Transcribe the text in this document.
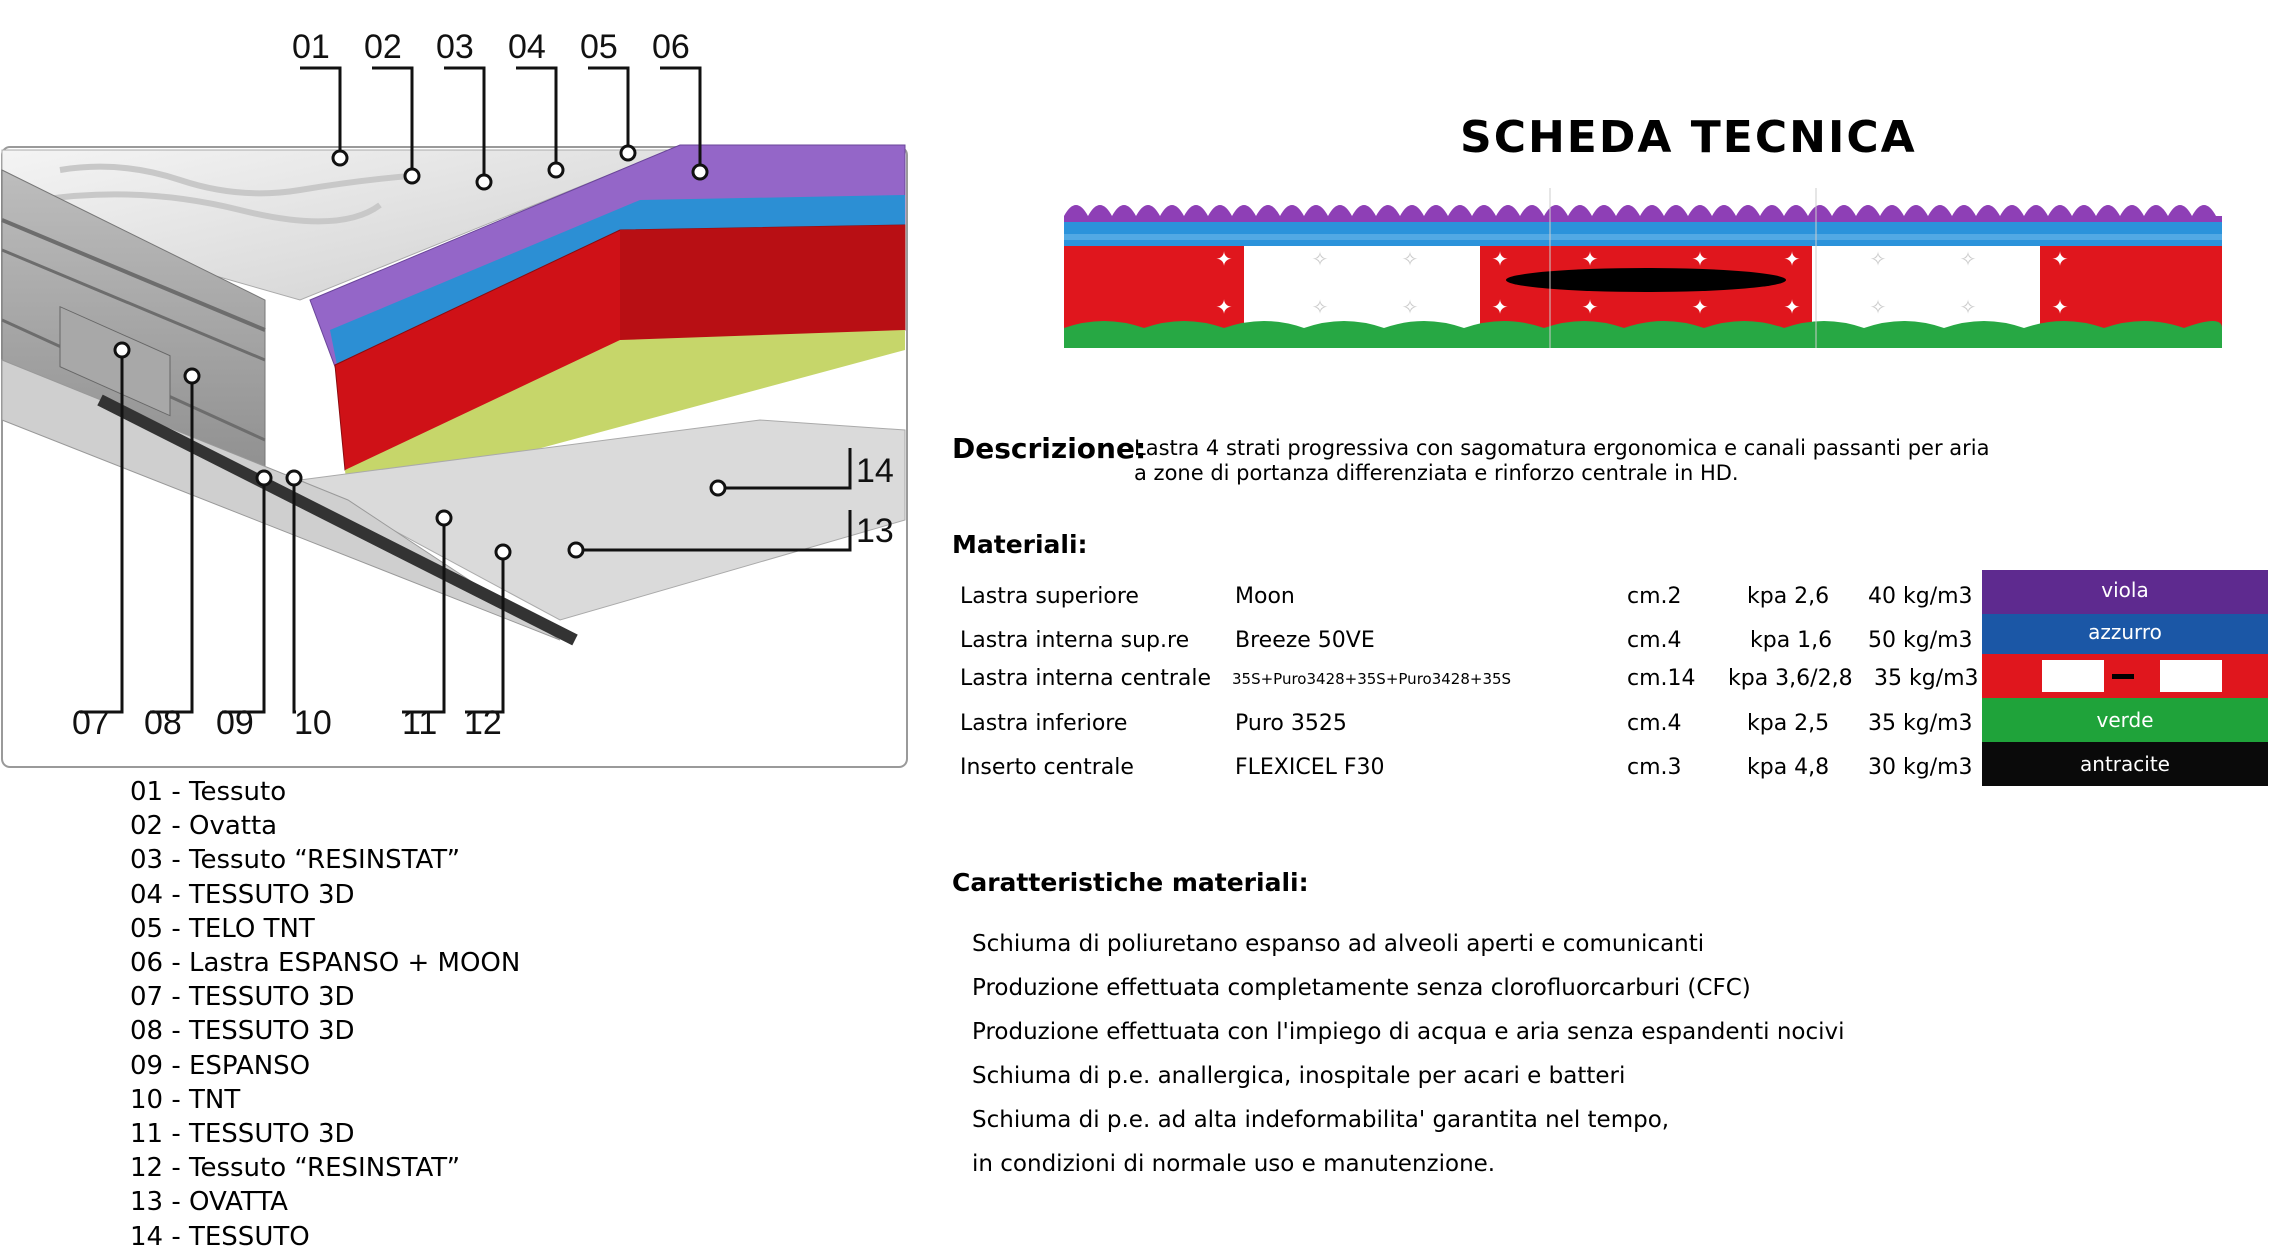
01 02 03 04 05 06
07 08 09 10 11 12
14
13
01 - Tessuto
02 - Ovatta
03 - Tessuto “RESINSTAT”
04 - TESSUTO 3D
05 - TELO TNT
06 - Lastra ESPANSO + MOON
07 - TESSUTO 3D
08 - TESSUTO 3D
09 - ESPANSO
10 - TNT
11 - TESSUTO 3D
12 - Tessuto “RESINSTAT”
13 - OVATTA
14 - TESSUTO
SCHEDA TECNICA
✦
✦
✦
✦
✦
✦
✦
✦
✦
✦
✦
✦
✧
✧
✧
✧
✧
✧
✧
✧
Descrizione:
Lastra 4 strati progressiva con sagomatura ergonomica e canali passanti per aria
a zone di portanza differenziata e rinforzo centrale in HD.
Materiali:
Lastra superiore	Moon	cm.2	kpa 2,6 40 kg/m3
Lastra interna sup.re Breeze 50VE	cm.4	kpa 1,6 50 kg/m3
Lastra interna centrale 35S+Puro3428+35S+Puro3428+35S	cm.14 kpa 3,6/2,8 35 kg/m3
Lastra inferiore	Puro 3525	cm.4	kpa 2,5 35 kg/m3
Inserto centrale	FLEXICEL F30	cm.3	kpa 4,8 30 kg/m3
viola
azzurro
verde
antracite
Caratteristiche materiali:
Schiuma di poliuretano espanso ad alveoli aperti e comunicanti
Produzione effettuata completamente senza clorofluorcarburi (CFC)
Produzione effettuata con l'impiego di acqua e aria senza espandenti nocivi
Schiuma di p.e. anallergica, inospitale per acari e batteri
Schiuma di p.e. ad alta indeformabilita' garantita nel tempo,
in condizioni di normale uso e manutenzione.
